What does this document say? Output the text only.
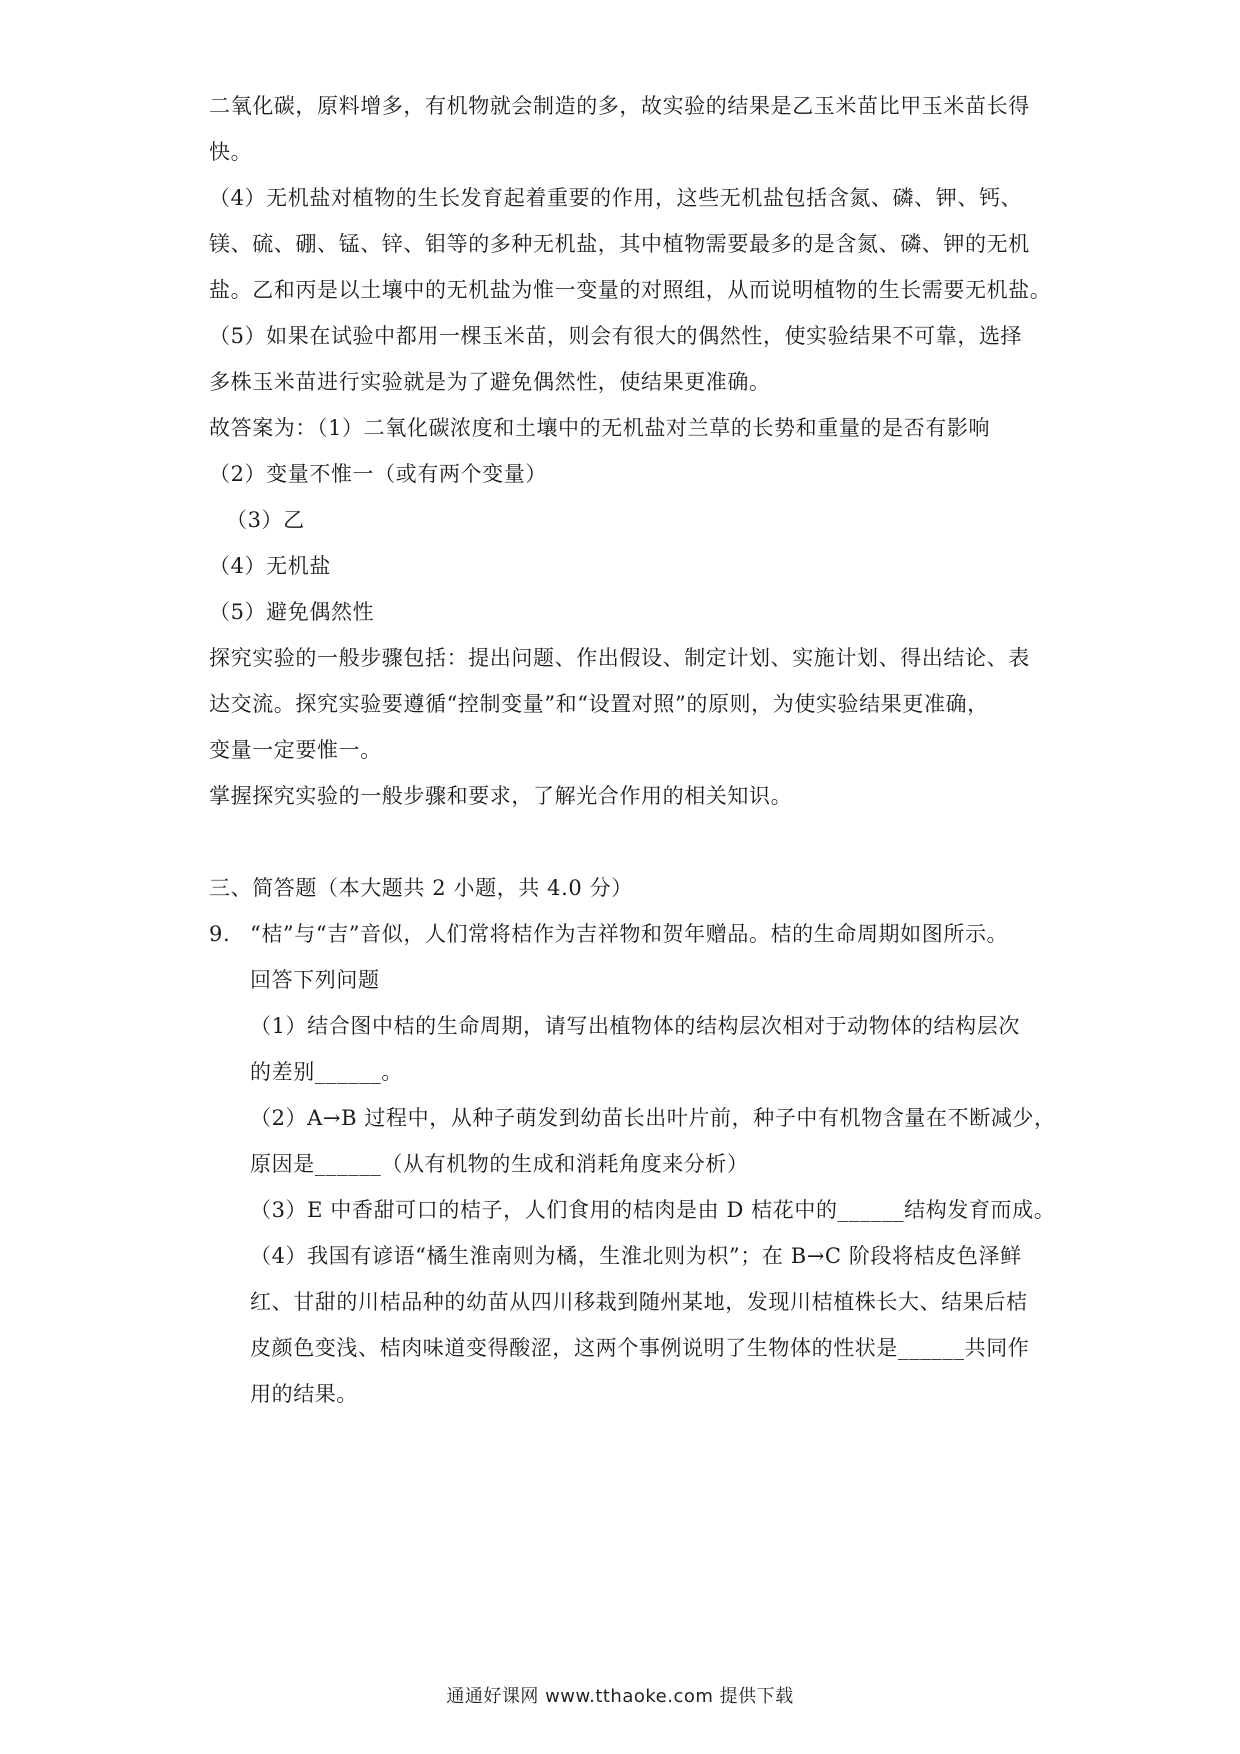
二氧化碳，原料增多，有机物就会制造的多，故实验的结果是乙玉米苗比甲玉米苗长得
快。
（4）无机盐对植物的生长发育起着重要的作用，这些无机盐包括含氮、磷、钾、钙、
镁、硫、硼、锰、锌、钼等的多种无机盐，其中植物需要最多的是含氮、磷、钾的无机
盐。乙和丙是以土壤中的无机盐为惟一变量的对照组，从而说明植物的生长需要无机盐。
（5）如果在试验中都用一棵玉米苗，则会有很大的偶然性，使实验结果不可靠，选择
多株玉米苗进行实验就是为了避免偶然性，使结果更准确。
故答案为：（1）二氧化碳浓度和土壤中的无机盐对兰草的长势和重量的是否有影响
（2）变量不惟一（或有两个变量）
（3）乙
（4）无机盐
（5）避免偶然性
探究实验的一般步骤包括：提出问题、作出假设、制定计划、实施计划、得出结论、表
达交流。探究实验要遵循“控制变量”和“设置对照”的原则，为使实验结果更准确，
变量一定要惟一。
掌握探究实验的一般步骤和要求，了解光合作用的相关知识。
三、简答题（本大题共 2 小题，共 4.0 分）
9. “桔”与“吉”音似，人们常将桔作为吉祥物和贺年赠品。桔的生命周期如图所示。
回答下列问题
（1）结合图中桔的生命周期，请写出植物体的结构层次相对于动物体的结构层次
的差别______。
（2）A→B 过程中，从种子萌发到幼苗长出叶片前，种子中有机物含量在不断减少，
原因是______（从有机物的生成和消耗角度来分析）
（3）E 中香甜可口的桔子，人们食用的桔肉是由 D 桔花中的______结构发育而成。
（4）我国有谚语“橘生淮南则为橘，生淮北则为枳”；在 B→C 阶段将桔皮色泽鲜
红、甘甜的川桔品种的幼苗从四川移栽到随州某地，发现川桔植株长大、结果后桔
皮颜色变浅、桔肉味道变得酸涩，这两个事例说明了生物体的性状是______共同作
用的结果。
通通好课网 www.tthaoke.com 提供下载
